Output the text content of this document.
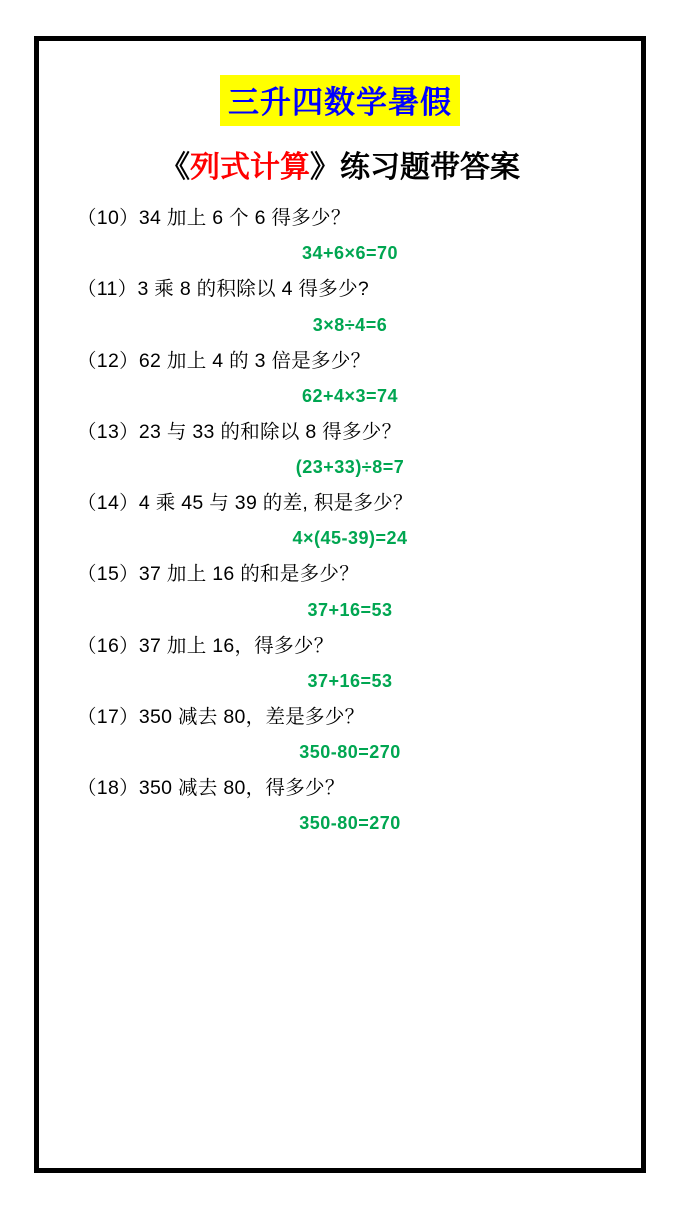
三升四数学暑假
《列式计算》练习题带答案
（10）34 加上 6 个 6 得多少？
34+6×6=70
（11）3 乘 8 的积除以 4 得多少?
3×8÷4=6
（12）62 加上 4 的 3 倍是多少？
62+4×3=74
（13）23 与 33 的和除以 8 得多少？
(23+33)÷8=7
（14）4 乘 45 与 39 的差, 积是多少？
4×(45-39)=24
（15）37 加上 16 的和是多少？
37+16=53
（16）37 加上 16，得多少？
37+16=53
（17）350 减去 80，差是多少？
350-80=270
（18）350 减去 80，得多少？
350-80=270
